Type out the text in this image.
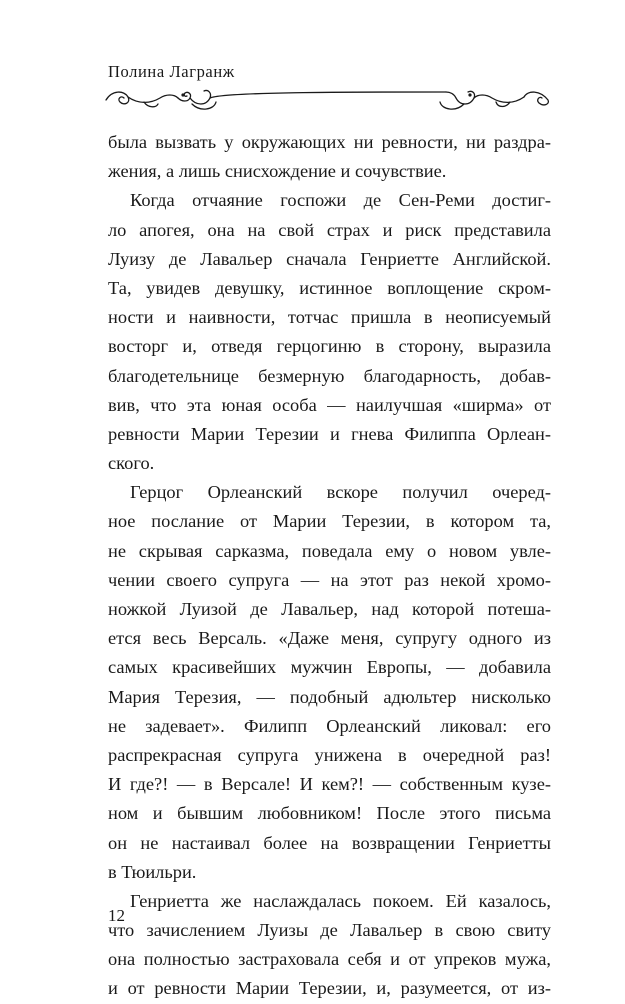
Полина Лагранж
была вызвать у окружающих ни ревности, ни раздра-
жения, а лишь снисхождение и сочувствие.
Когда отчаяние госпожи де Сен-Реми достиг-
ло апогея, она на свой страх и риск представила
Луизу де Лавальер сначала Генриетте Английской.
Та, увидев девушку, истинное воплощение скром-
ности и наивности, тотчас пришла в неописуемый
восторг и, отведя герцогиню в сторону, выразила
благодетельнице безмерную благодарность, добав-
вив, что эта юная особа — наилучшая «ширма» от
ревности Марии Терезии и гнева Филиппа Орлеан-
ского.
Герцог Орлеанский вскоре получил очеред-
ное послание от Марии Терезии, в котором та,
не скрывая сарказма, поведала ему о новом увле-
чении своего супруга — на этот раз некой хромо-
ножкой Луизой де Лавальер, над которой потеша-
ется весь Версаль. «Даже меня, супругу одного из
самых красивейших мужчин Европы, — добавила
Мария Терезия, — подобный адюльтер нисколько
не задевает». Филипп Орлеанский ликовал: его
распрекрасная супруга унижена в очередной раз!
И где?! — в Версале! И кем?! — собственным кузе-
ном и бывшим любовником! После этого письма
он не настаивал более на возвращении Генриетты
в Тюильри.
Генриетта же наслаждалась покоем. Ей казалось,
что зачислением Луизы де Лавальер в свою свиту
она полностью застраховала себя и от упреков мужа,
и от ревности Марии Терезии, и, разумеется, от из-
12
